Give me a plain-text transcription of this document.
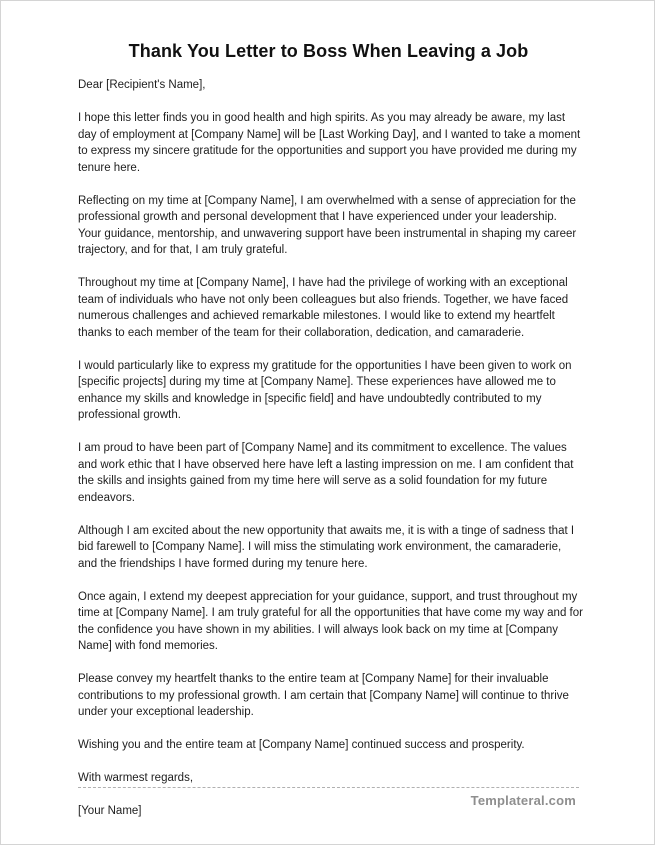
Thank You Letter to Boss When Leaving a Job

Dear [Recipient's Name],

I hope this letter finds you in good health and high spirits. As you may already be aware, my last day of employment at [Company Name] will be [Last Working Day], and I wanted to take a moment to express my sincere gratitude for the opportunities and support you have provided me during my tenure here.

Reflecting on my time at [Company Name], I am overwhelmed with a sense of appreciation for the professional growth and personal development that I have experienced under your leadership. Your guidance, mentorship, and unwavering support have been instrumental in shaping my career trajectory, and for that, I am truly grateful.

Throughout my time at [Company Name], I have had the privilege of working with an exceptional team of individuals who have not only been colleagues but also friends. Together, we have faced numerous challenges and achieved remarkable milestones. I would like to extend my heartfelt thanks to each member of the team for their collaboration, dedication, and camaraderie.

I would particularly like to express my gratitude for the opportunities I have been given to work on [specific projects] during my time at [Company Name]. These experiences have allowed me to enhance my skills and knowledge in [specific field] and have undoubtedly contributed to my professional growth.

I am proud to have been part of [Company Name] and its commitment to excellence. The values and work ethic that I have observed here have left a lasting impression on me. I am confident that the skills and insights gained from my time here will serve as a solid foundation for my future endeavors.

Although I am excited about the new opportunity that awaits me, it is with a tinge of sadness that I bid farewell to [Company Name]. I will miss the stimulating work environment, the camaraderie, and the friendships I have formed during my tenure here.

Once again, I extend my deepest appreciation for your guidance, support, and trust throughout my time at [Company Name]. I am truly grateful for all the opportunities that have come my way and for the confidence you have shown in my abilities. I will always look back on my time at [Company Name] with fond memories.

Please convey my heartfelt thanks to the entire team at [Company Name] for their invaluable contributions to my professional growth. I am certain that [Company Name] will continue to thrive under your exceptional leadership.

Wishing you and the entire team at [Company Name] continued success and prosperity.

With warmest regards,

[Your Name]

Templateral.com
